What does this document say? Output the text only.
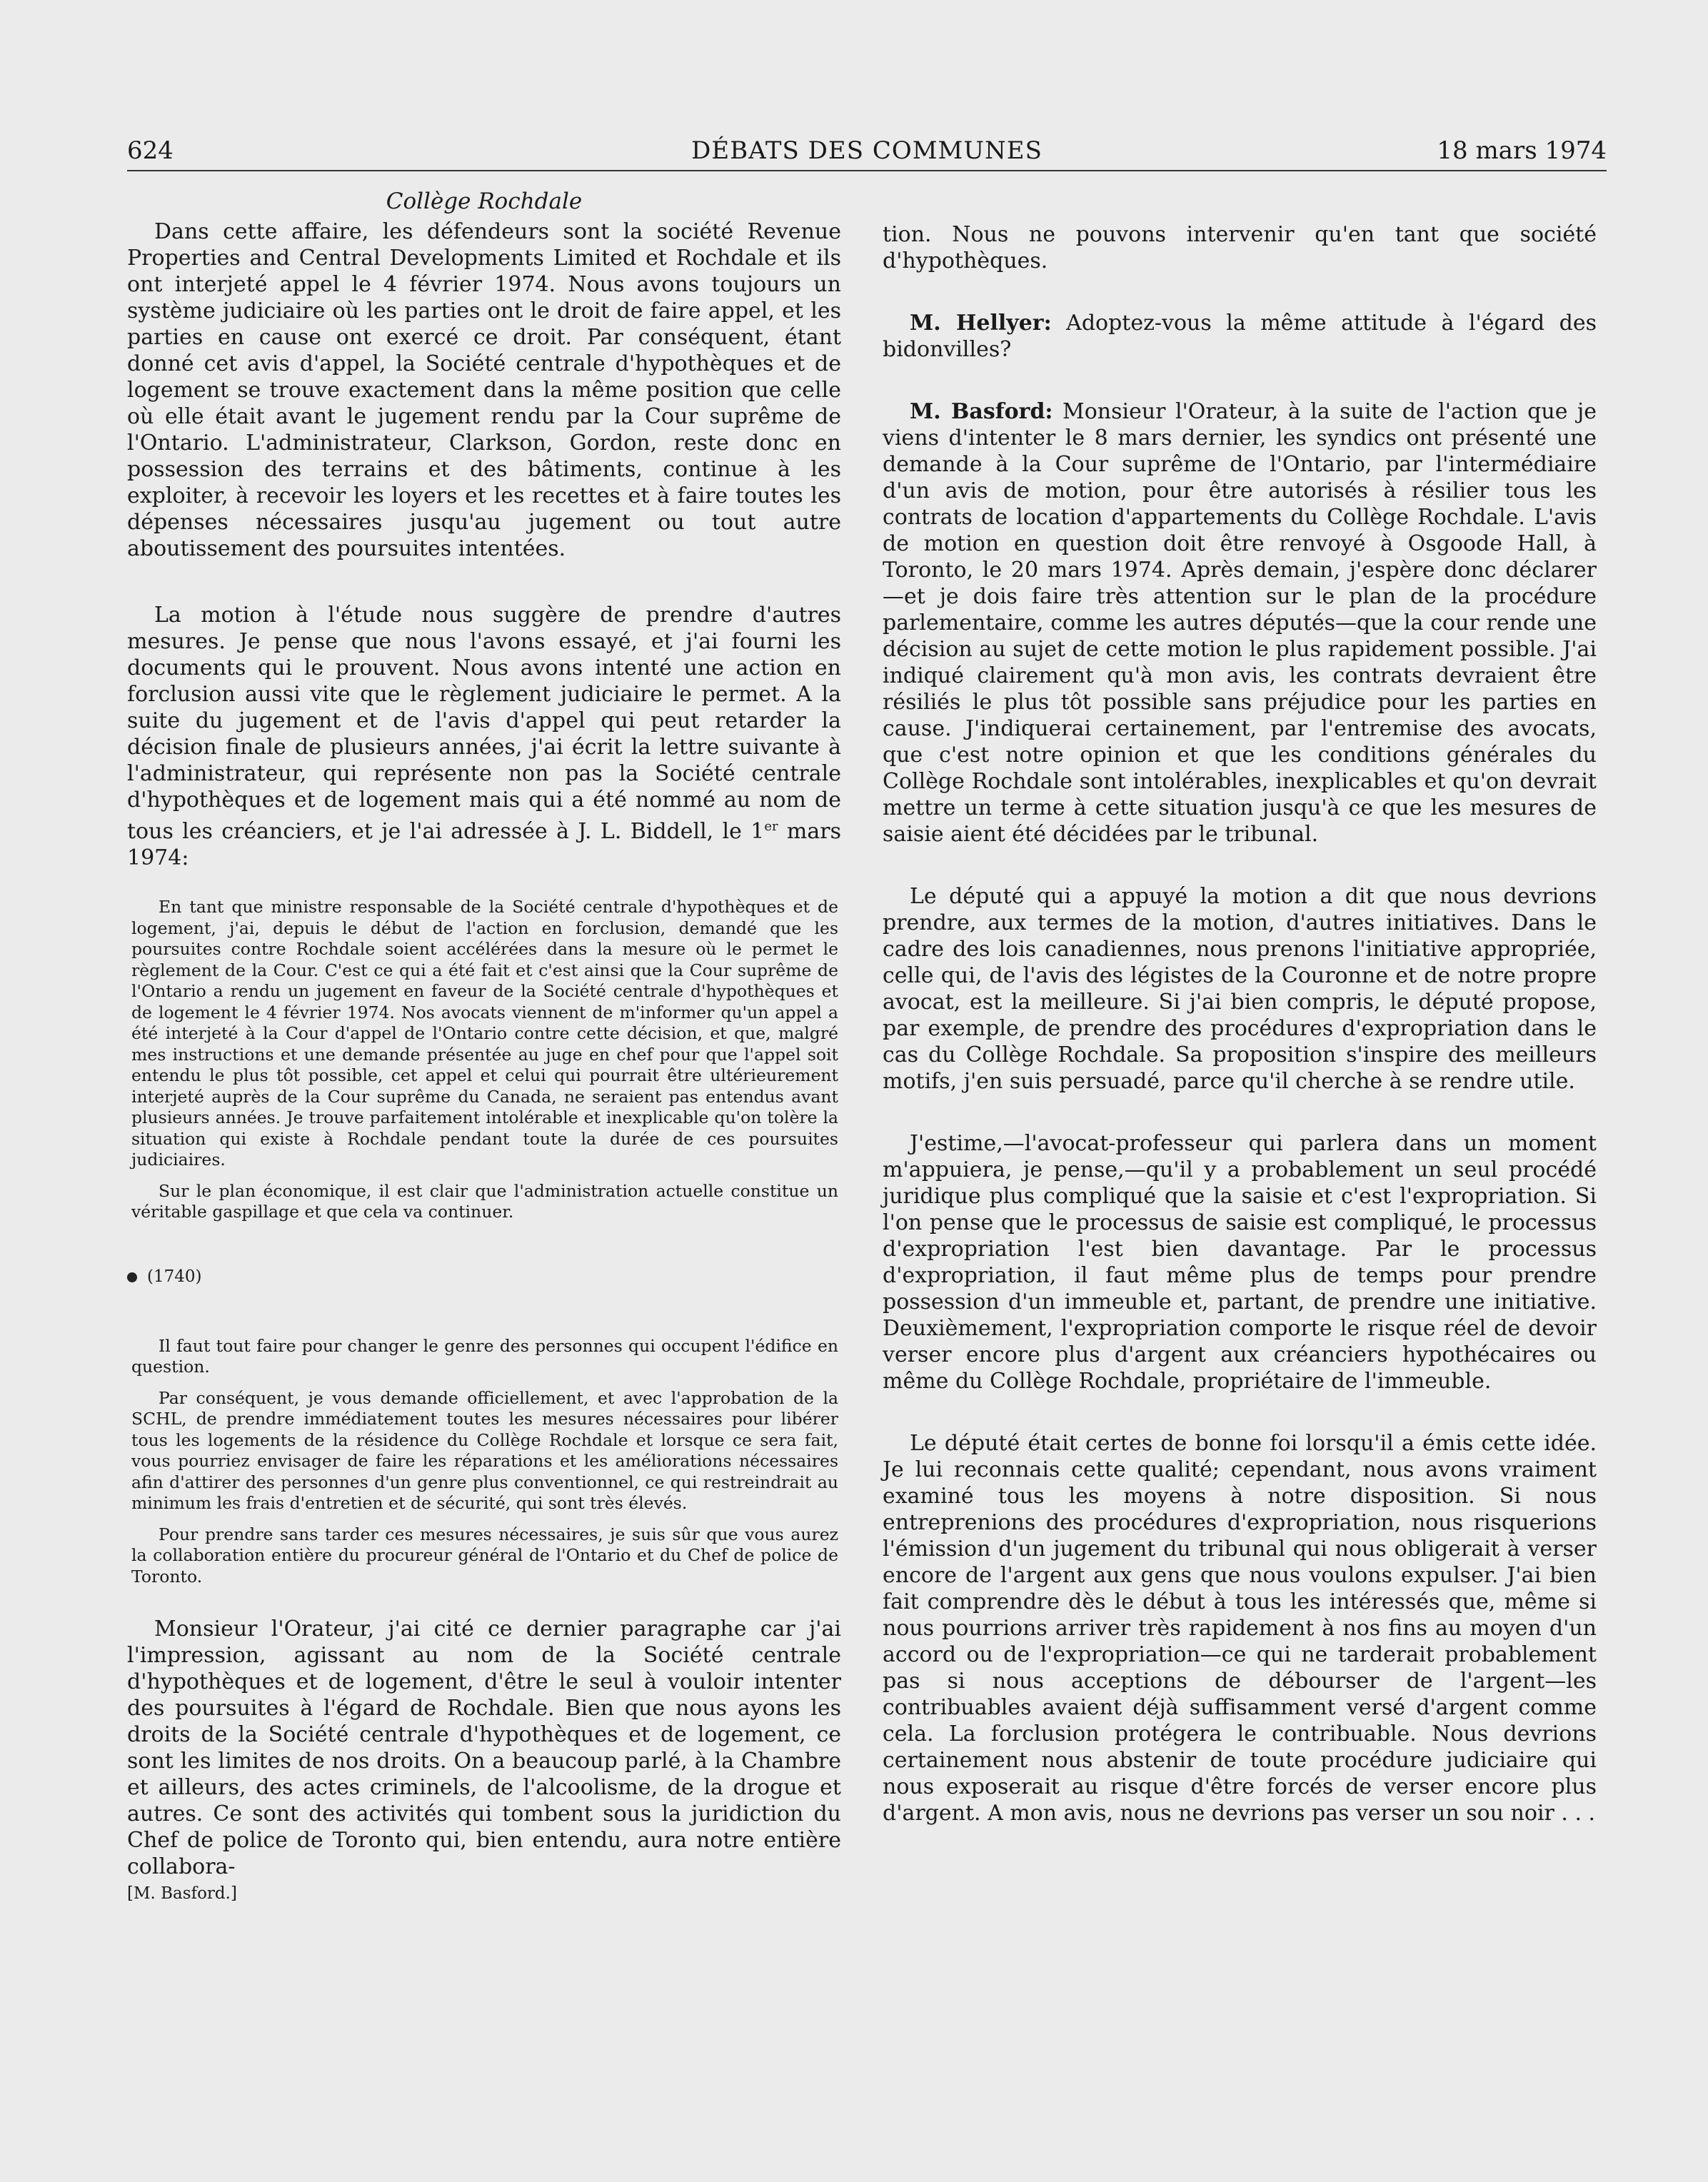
624	DÉBATS DES COMMUNES	18 mars 1974

Collège Rochdale

Dans cette affaire, les défendeurs sont la société Revenue Properties and Central Developments Limited et Rochdale et ils ont interjeté appel le 4 février 1974. Nous avons toujours un système judiciaire où les parties ont le droit de faire appel, et les parties en cause ont exercé ce droit. Par conséquent, étant donné cet avis d'appel, la Société centrale d'hypothèques et de logement se trouve exactement dans la même position que celle où elle était avant le jugement rendu par la Cour suprême de l'Ontario. L'administrateur, Clarkson, Gordon, reste donc en possession des terrains et des bâtiments, continue à les exploiter, à recevoir les loyers et les recettes et à faire toutes les dépenses nécessaires jusqu'au jugement ou tout autre aboutissement des poursuites intentées.

La motion à l'étude nous suggère de prendre d'autres mesures. Je pense que nous l'avons essayé, et j'ai fourni les documents qui le prouvent. Nous avons intenté une action en forclusion aussi vite que le règlement judiciaire le permet. A la suite du jugement et de l'avis d'appel qui peut retarder la décision finale de plusieurs années, j'ai écrit la lettre suivante à l'administrateur, qui représente non pas la Société centrale d'hypothèques et de logement mais qui a été nommé au nom de tous les créanciers, et je l'ai adressée à J. L. Biddell, le 1er mars 1974:

En tant que ministre responsable de la Société centrale d'hypothèques et de logement, j'ai, depuis le début de l'action en forclusion, demandé que les poursuites contre Rochdale soient accélérées dans la mesure où le permet le règlement de la Cour. C'est ce qui a été fait et c'est ainsi que la Cour suprême de l'Ontario a rendu un jugement en faveur de la Société centrale d'hypothèques et de logement le 4 février 1974. Nos avocats viennent de m'informer qu'un appel a été interjeté à la Cour d'appel de l'Ontario contre cette décision, et que, malgré mes instructions et une demande présentée au juge en chef pour que l'appel soit entendu le plus tôt possible, cet appel et celui qui pourrait être ultérieurement interjeté auprès de la Cour suprême du Canada, ne seraient pas entendus avant plusieurs années. Je trouve parfaitement intolérable et inexplicable qu'on tolère la situation qui existe à Rochdale pendant toute la durée de ces poursuites judiciaires.

Sur le plan économique, il est clair que l'administration actuelle constitue un véritable gaspillage et que cela va continuer.

(1740)

Il faut tout faire pour changer le genre des personnes qui occupent l'édifice en question.

Par conséquent, je vous demande officiellement, et avec l'approbation de la SCHL, de prendre immédiatement toutes les mesures nécessaires pour libérer tous les logements de la résidence du Collège Rochdale et lorsque ce sera fait, vous pourriez envisager de faire les réparations et les améliorations nécessaires afin d'attirer des personnes d'un genre plus conventionnel, ce qui restreindrait au minimum les frais d'entretien et de sécurité, qui sont très élevés.

Pour prendre sans tarder ces mesures nécessaires, je suis sûr que vous aurez la collaboration entière du procureur général de l'Ontario et du Chef de police de Toronto.

Monsieur l'Orateur, j'ai cité ce dernier paragraphe car j'ai l'impression, agissant au nom de la Société centrale d'hypothèques et de logement, d'être le seul à vouloir intenter des poursuites à l'égard de Rochdale. Bien que nous ayons les droits de la Société centrale d'hypothèques et de logement, ce sont les limites de nos droits. On a beaucoup parlé, à la Chambre et ailleurs, des actes criminels, de l'alcoolisme, de la drogue et autres. Ce sont des activités qui tombent sous la juridiction du Chef de police de Toronto qui, bien entendu, aura notre entière collabora-

[M. Basford.]

tion. Nous ne pouvons intervenir qu'en tant que société d'hypothèques.

M. Hellyer: Adoptez-vous la même attitude à l'égard des bidonvilles?

M. Basford: Monsieur l'Orateur, à la suite de l'action que je viens d'intenter le 8 mars dernier, les syndics ont présenté une demande à la Cour suprême de l'Ontario, par l'intermédiaire d'un avis de motion, pour être autorisés à résilier tous les contrats de location d'appartements du Collège Rochdale. L'avis de motion en question doit être renvoyé à Osgoode Hall, à Toronto, le 20 mars 1974. Après demain, j'espère donc déclarer—et je dois faire très attention sur le plan de la procédure parlementaire, comme les autres députés—que la cour rende une décision au sujet de cette motion le plus rapidement possible. J'ai indiqué clairement qu'à mon avis, les contrats devraient être résiliés le plus tôt possible sans préjudice pour les parties en cause. J'indiquerai certainement, par l'entremise des avocats, que c'est notre opinion et que les conditions générales du Collège Rochdale sont intolérables, inexplicables et qu'on devrait mettre un terme à cette situation jusqu'à ce que les mesures de saisie aient été décidées par le tribunal.

Le député qui a appuyé la motion a dit que nous devrions prendre, aux termes de la motion, d'autres initiatives. Dans le cadre des lois canadiennes, nous prenons l'initiative appropriée, celle qui, de l'avis des légistes de la Couronne et de notre propre avocat, est la meilleure. Si j'ai bien compris, le député propose, par exemple, de prendre des procédures d'expropriation dans le cas du Collège Rochdale. Sa proposition s'inspire des meilleurs motifs, j'en suis persuadé, parce qu'il cherche à se rendre utile.

J'estime,—l'avocat-professeur qui parlera dans un moment m'appuiera, je pense,—qu'il y a probablement un seul procédé juridique plus compliqué que la saisie et c'est l'expropriation. Si l'on pense que le processus de saisie est compliqué, le processus d'expropriation l'est bien davantage. Par le processus d'expropriation, il faut même plus de temps pour prendre possession d'un immeuble et, partant, de prendre une initiative. Deuxièmement, l'expropriation comporte le risque réel de devoir verser encore plus d'argent aux créanciers hypothécaires ou même du Collège Rochdale, propriétaire de l'immeuble.

Le député était certes de bonne foi lorsqu'il a émis cette idée. Je lui reconnais cette qualité; cependant, nous avons vraiment examiné tous les moyens à notre disposition. Si nous entreprenions des procédures d'expropriation, nous risquerions l'émission d'un jugement du tribunal qui nous obligerait à verser encore de l'argent aux gens que nous voulons expulser. J'ai bien fait comprendre dès le début à tous les intéressés que, même si nous pourrions arriver très rapidement à nos fins au moyen d'un accord ou de l'expropriation—ce qui ne tarderait probablement pas si nous acceptions de débourser de l'argent—les contribuables avaient déjà suffisamment versé d'argent comme cela. La forclusion protégera le contribuable. Nous devrions certainement nous abstenir de toute procédure judiciaire qui nous exposerait au risque d'être forcés de verser encore plus d'argent. A mon avis, nous ne devrions pas verser un sou noir . . .
